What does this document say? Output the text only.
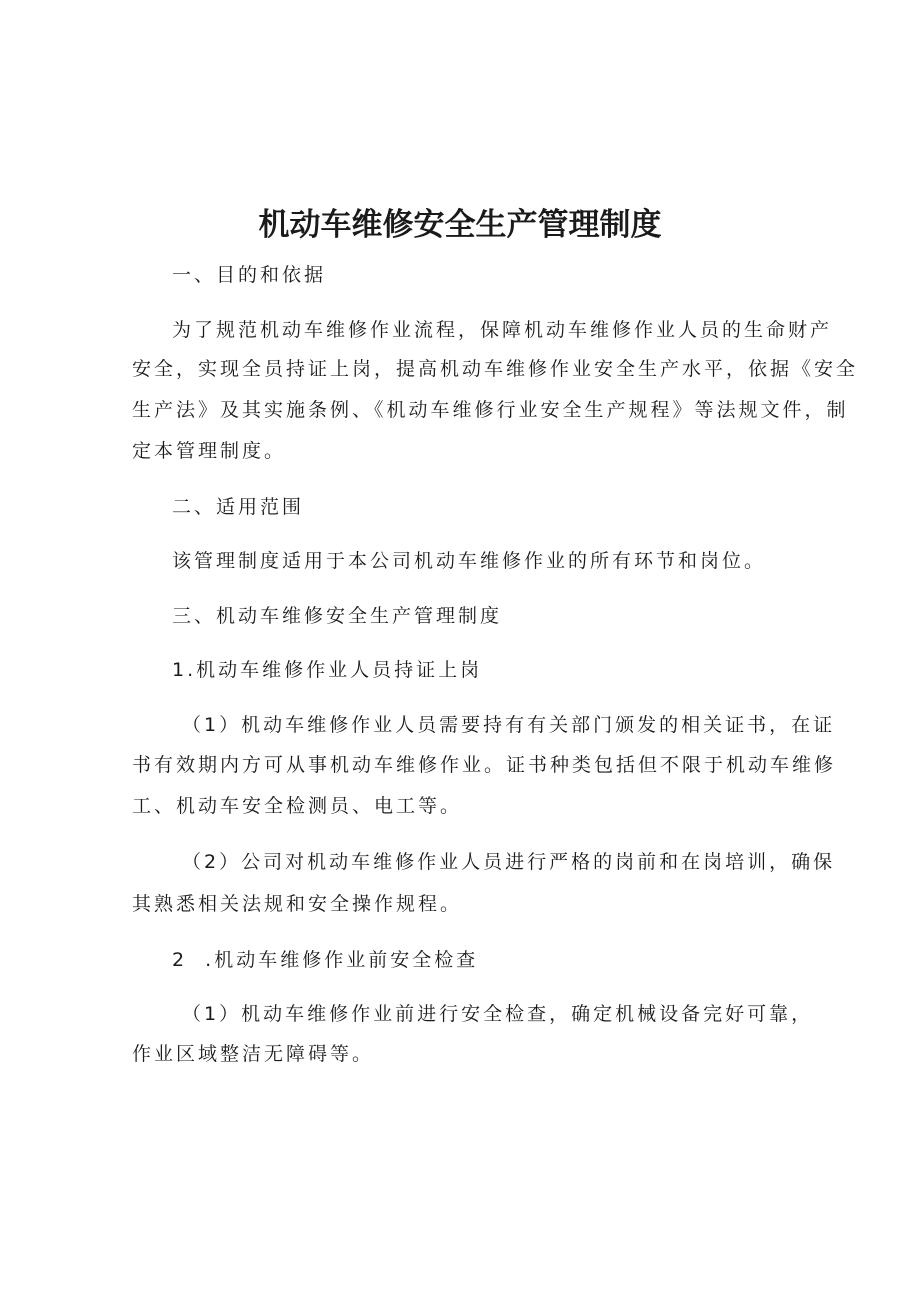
机动车维修安全生产管理制度
一、目的和依据
为了规范机动车维修作业流程，保障机动车维修作业人员的生命财产
安全，实现全员持证上岗，提高机动车维修作业安全生产水平，依据《安全
生产法》及其实施条例、《机动车维修行业安全生产规程》等法规文件，制
定本管理制度。
二、适用范围
该管理制度适用于本公司机动车维修作业的所有环节和岗位。
三、机动车维修安全生产管理制度
1.机动车维修作业人员持证上岗
（1）机动车维修作业人员需要持有有关部门颁发的相关证书，在证
书有效期内方可从事机动车维修作业。证书种类包括但不限于机动车维修
工、机动车安全检测员、电工等。
（2）公司对机动车维修作业人员进行严格的岗前和在岗培训，确保
其熟悉相关法规和安全操作规程。
2  .机动车维修作业前安全检查
（1）机动车维修作业前进行安全检查，确定机械设备完好可靠，
作业区域整洁无障碍等。
